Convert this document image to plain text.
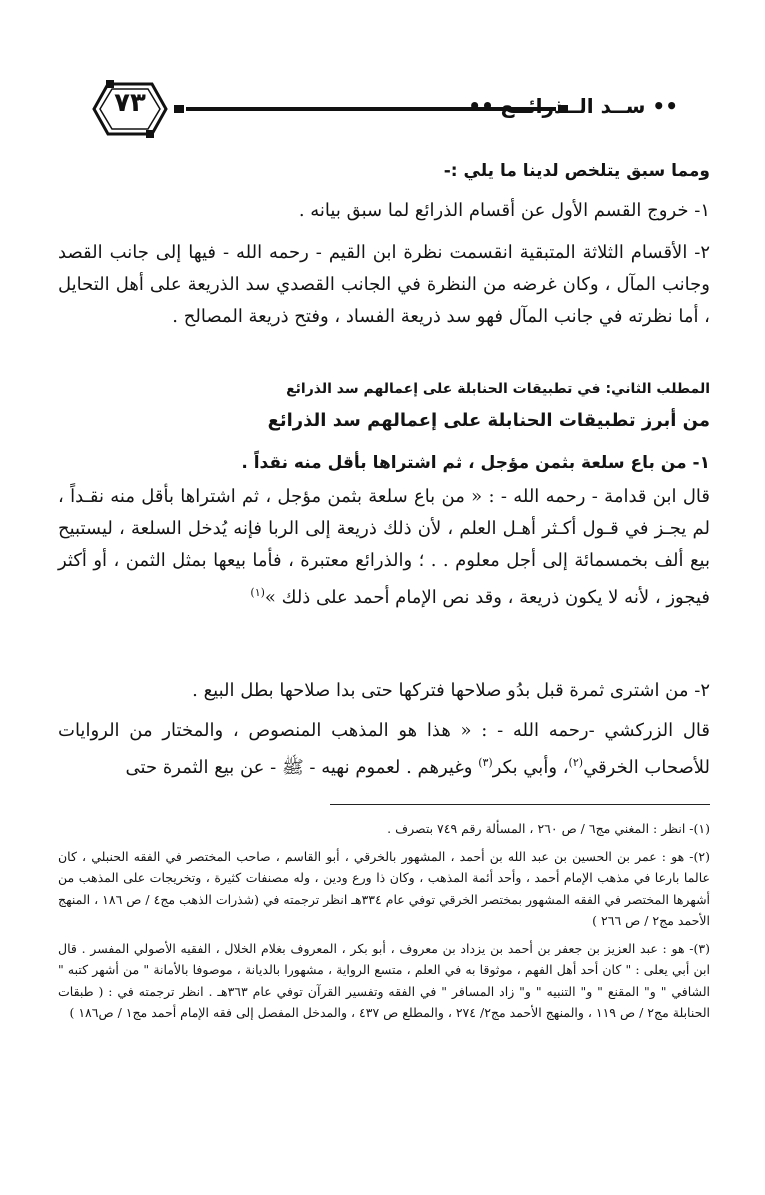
٧٣	•• ســد الــذرائــع ••

ومما سبق يتلخص لدينا ما يلي :-

١- خروج القسم الأول عن أقسام الذرائع لما سبق بيانه .

٢- الأقسام الثلاثة المتبقية انقسمت نظرة ابن القيم - رحمه الله - فيها إلى جانب القصد وجانب المآل ، وكان غرضه من النظرة في الجانب القصدي سد الذريعة على أهل التحايل ، أما نظرته في جانب المآل فهو سد ذريعة الفساد ، وفتح ذريعة المصالح .

المطلب الثاني: في تطبيقات الحنابلة على إعمالهم سد الذرائع

من أبرز تطبيقات الحنابلة على إعمالهم سد الذرائع

١- من باع سلعة بثمن مؤجل ، ثم اشتراها بأقل منه نقداً .

قال ابن قدامة - رحمه الله - : « من باع سلعة بثمن مؤجل ، ثم اشتراها بأقل منه نقـداً ، لم يجـز في قـول أكـثر أهـل العلم ، لأن ذلك ذريعة إلى الربا فإنه يُدخل السلعة ، ليستبيح بيع ألف بخمسمائة إلى أجل معلوم . . ؛ والذرائع معتبرة ، فأما بيعها بمثل الثمن ، أو أكثر فيجوز ، لأنه لا يكون ذريعة ، وقد نص الإمام أحمد على ذلك »$^{(١)}$

٢- من اشترى ثمرة قبل بدُو صلاحها فتركها حتى بدا صلاحها بطل البيع .

قال الزركشي -رحمه الله - : « هذا هو المذهب المنصوص ، والمختار من الروايات للأصحاب الخرقي$^{(٢)}$، وأبي بكر$^{(٣)}$ وغيرهم . لعموم نهيه - ﷺ - عن بيع الثمرة حتى

(١)- انظر : المغني مج٦ / ص ٢٦٠ ، المسألة رقم ٧٤٩ بتصرف .

(٢)- هو : عمر بن الحسين بن عبد الله بن أحمد ، المشهور بالخرقي ، أبو القاسم ، صاحب المختصر في الفقه الحنبلي ، كان عالما بارعا في مذهب الإمام أحمد ، وأحد أئمة المذهب ، وكان ذا ورع ودين ، وله مصنفات كثيرة ، وتخريجات على المذهب من أشهرها المختصر في الفقه المشهور بمختصر الخرقي توفي عام ٣٣٤هـ انظر ترجمته في (شذرات الذهب مج٤ / ص ١٨٦ ، المنهج الأحمد مج٢ / ص ٢٦٦ )

(٣)- هو : عبد العزيز بن جعفر بن أحمد بن يزداد بن معروف ، أبو بكر ، المعروف بغلام الخلال ، الفقيه الأصولي المفسر . قال ابن أبي يعلى : " كان أحد أهل الفهم ، موثوقا به في العلم ، متسع الرواية ، مشهورا بالديانة ، موصوفا بالأمانة " من أشهر كتبه " الشافي " و" المقنع " و" التنبيه " و" زاد المسافر " في الفقه وتفسير القرآن توفي عام ٣٦٣هـ . انظر ترجمته في : ( طبقات الحنابلة مج٢ / ص ١١٩ ، والمنهج الأحمد مج٢/ ٢٧٤ ، والمطلع ص ٤٣٧ ، والمدخل المفصل إلى فقه الإمام أحمد مج١ / ص١٨٦ )
